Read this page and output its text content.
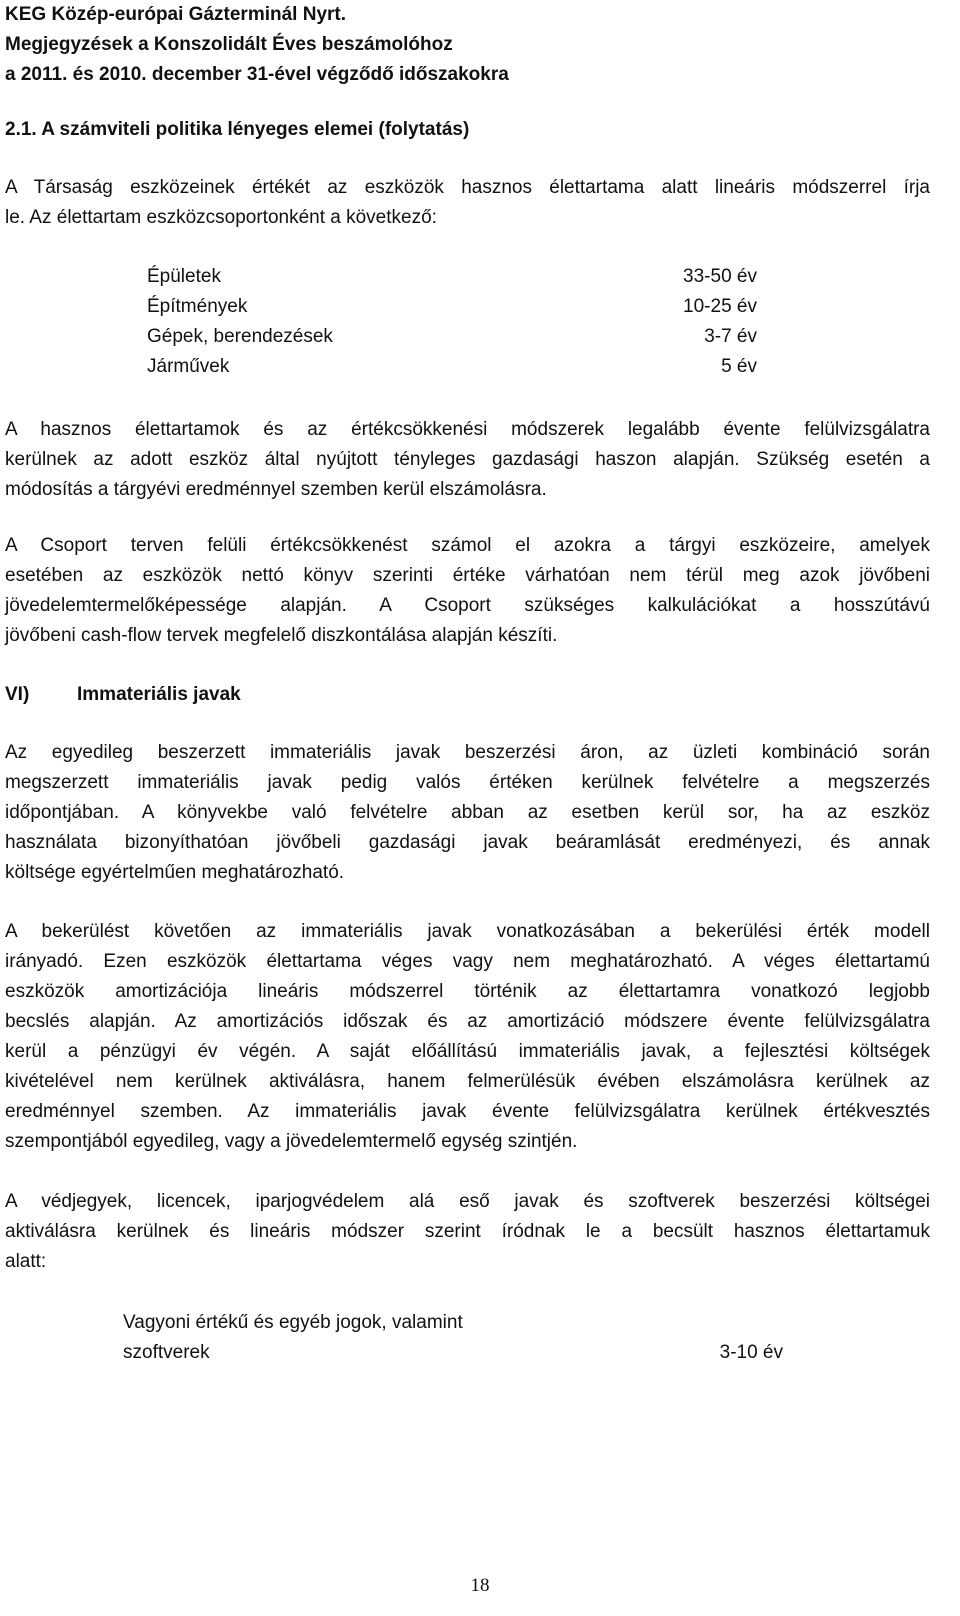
KEG Közép-európai Gázterminál Nyrt.
Megjegyzések a Konszolidált Éves beszámolóhoz
a 2011. és 2010. december 31-ével végződő időszakokra
2.1. A számviteli politika lényeges elemei (folytatás)
A Társaság eszközeinek értékét az eszközök hasznos élettartama alatt lineáris módszerrel írja
le. Az élettartam eszközcsoportonként a következő:
Épületek	33-50 év
Építmények	10-25 év
Gépek, berendezések	3-7 év
Járművek	5 év
A hasznos élettartamok és az értékcsökkenési módszerek legalább évente felülvizsgálatra
kerülnek az adott eszköz által nyújtott tényleges gazdasági haszon alapján. Szükség esetén a
módosítás a tárgyévi eredménnyel szemben kerül elszámolásra.
A Csoport terven felüli értékcsökkenést számol el azokra a tárgyi eszközeire, amelyek
esetében az eszközök nettó könyv szerinti értéke várhatóan nem térül meg azok jövőbeni
jövedelemtermelőképessége alapján. A Csoport szükséges kalkulációkat a hosszútávú
jövőbeni cash-flow tervek megfelelő diszkontálása alapján készíti.
VI)	Immateriális javak
Az egyedileg beszerzett immateriális javak beszerzési áron, az üzleti kombináció során
megszerzett immateriális javak pedig valós értéken kerülnek felvételre a megszerzés
időpontjában. A könyvekbe való felvételre abban az esetben kerül sor, ha az eszköz
használata bizonyíthatóan jövőbeli gazdasági javak beáramlását eredményezi, és annak
költsége egyértelműen meghatározható.
A bekerülést követően az immateriális javak vonatkozásában a bekerülési érték modell
irányadó. Ezen eszközök élettartama véges vagy nem meghatározható. A véges élettartamú
eszközök amortizációja lineáris módszerrel történik az élettartamra vonatkozó legjobb
becslés alapján. Az amortizációs időszak és az amortizáció módszere évente felülvizsgálatra
kerül a pénzügyi év végén. A saját előállítású immateriális javak, a fejlesztési költségek
kivételével nem kerülnek aktiválásra, hanem felmerülésük évében elszámolásra kerülnek az
eredménnyel szemben. Az immateriális javak évente felülvizsgálatra kerülnek értékvesztés
szempontjából egyedileg, vagy a jövedelemtermelő egység szintjén.
A védjegyek, licencek, iparjogvédelem alá eső javak és szoftverek beszerzési költségei
aktiválásra kerülnek és lineáris módszer szerint íródnak le a becsült hasznos élettartamuk
alatt:
Vagyoni értékű és egyéb jogok, valamint
szoftverek	3-10 év
18
